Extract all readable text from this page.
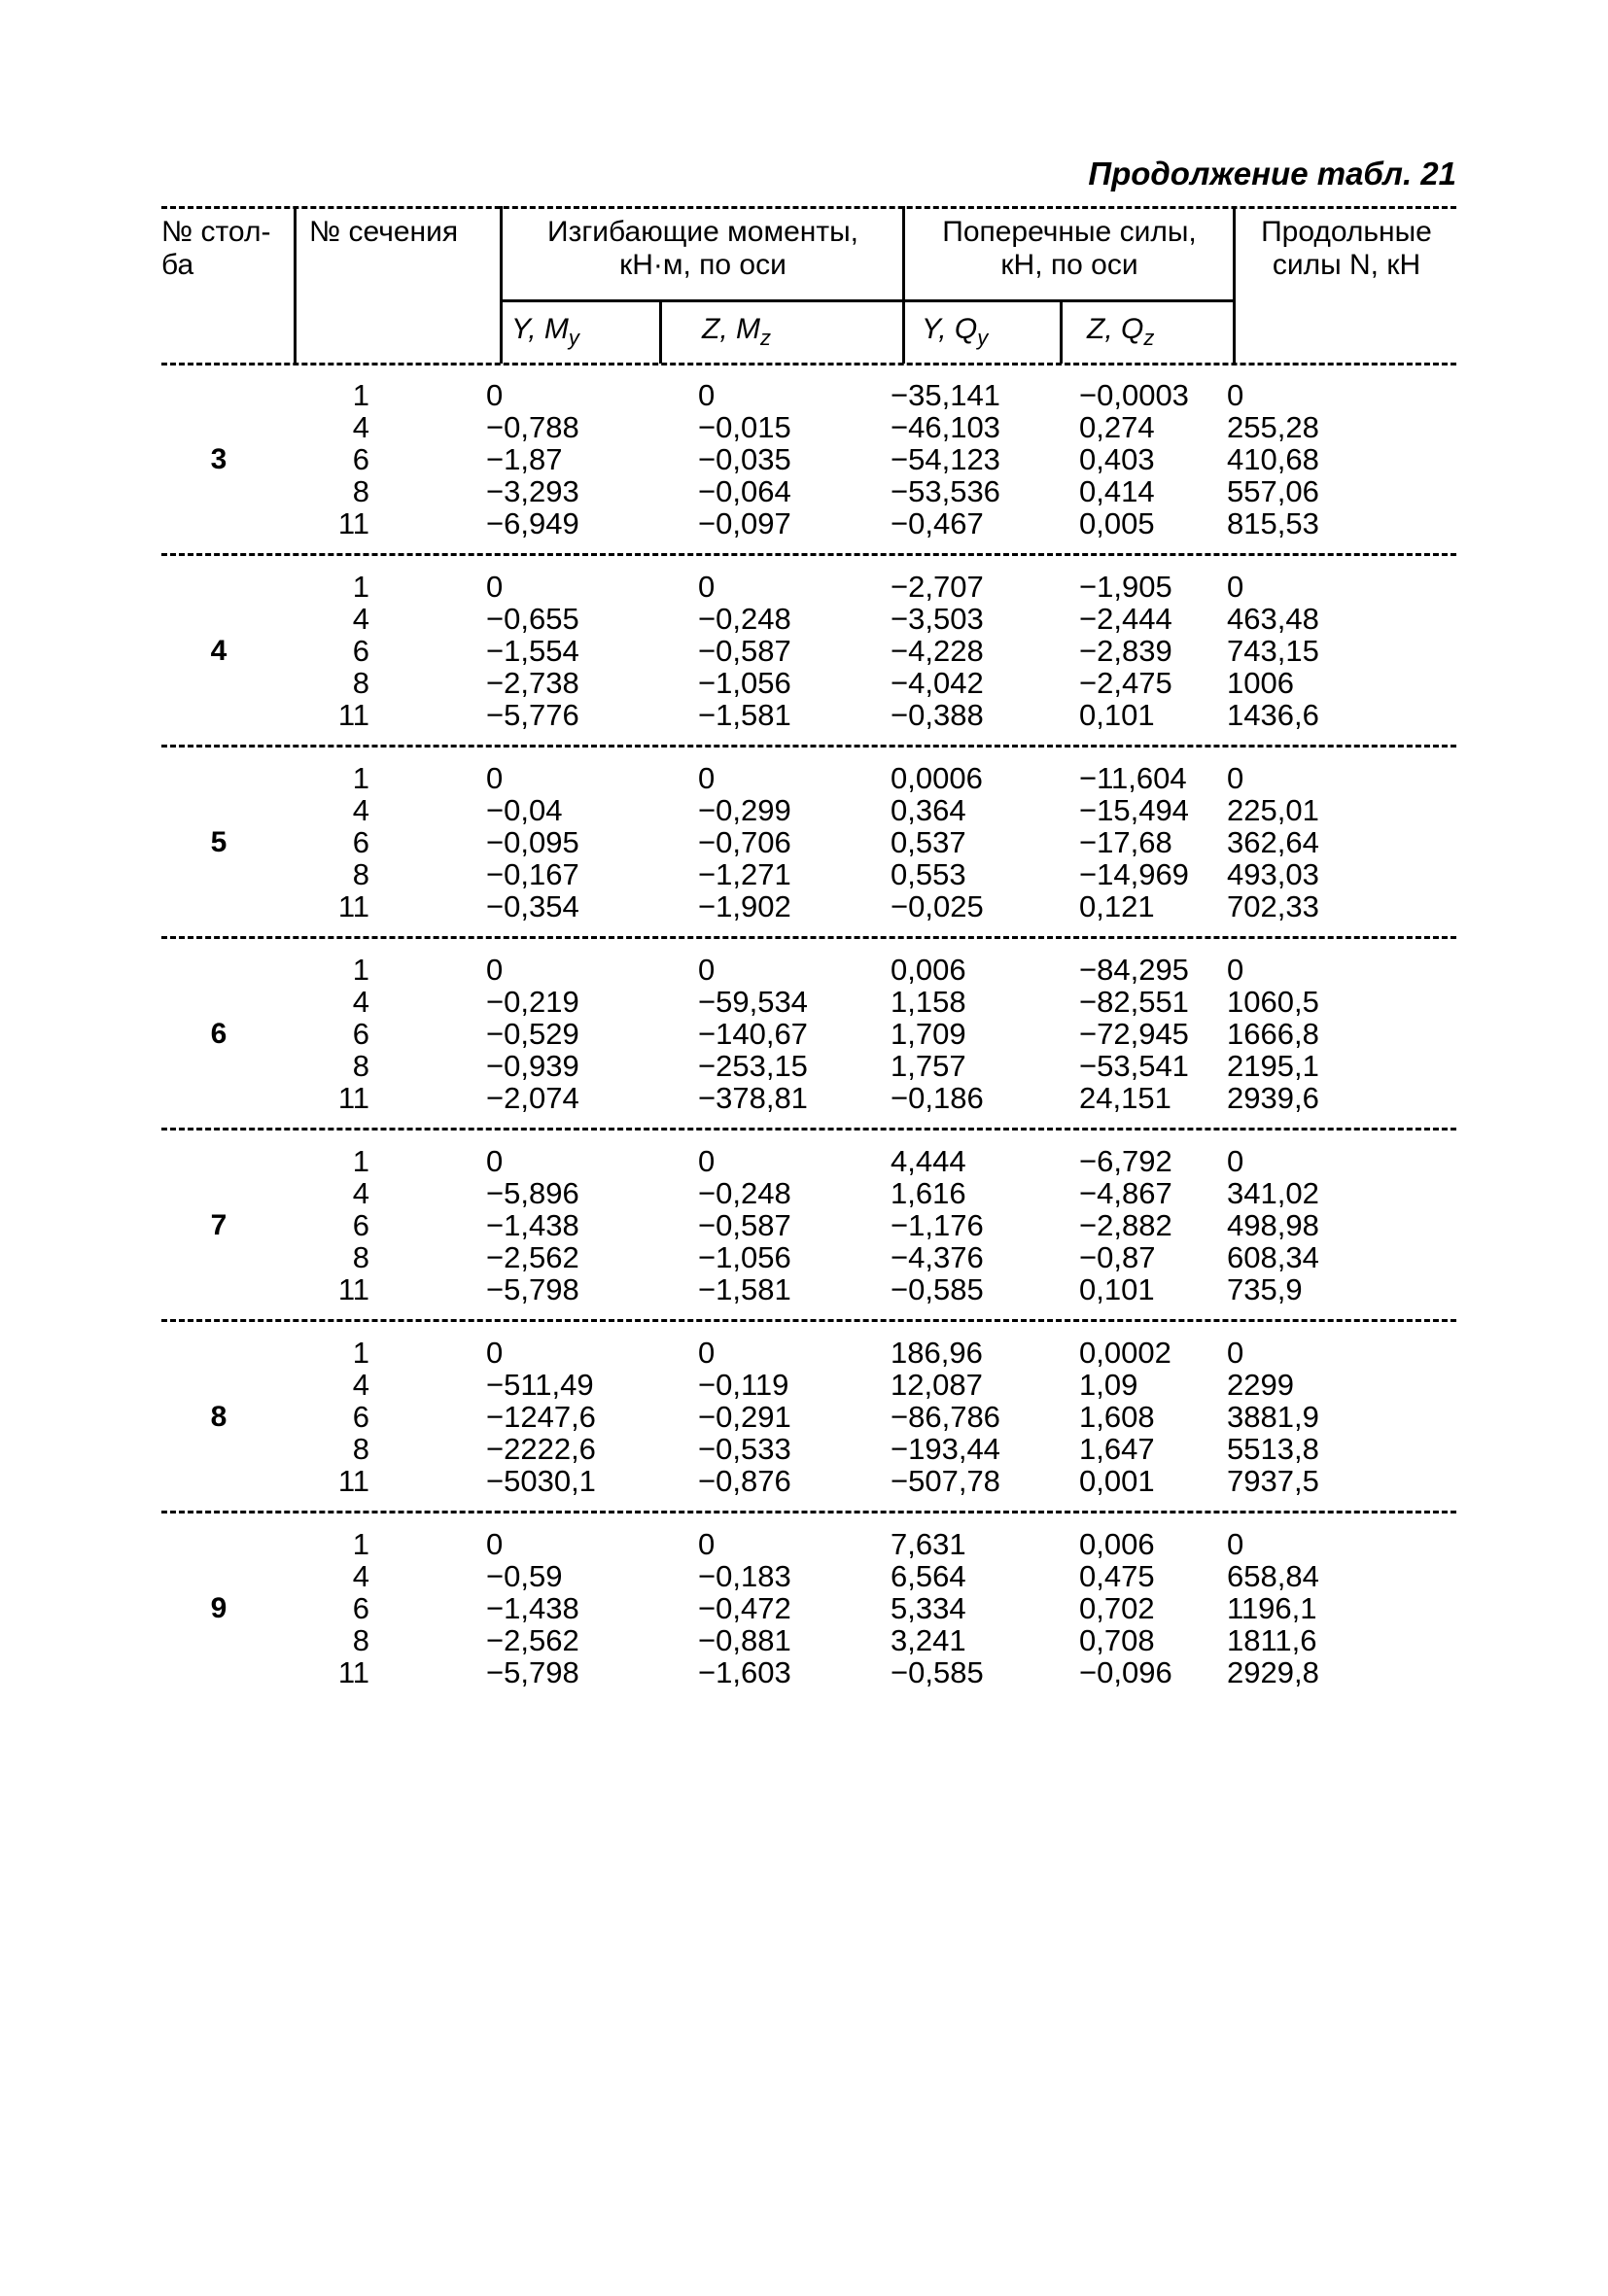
Продолжение табл. 21
№ стол-
ба
№ сечения	Изгибающие моменты,
кН·м, по оси
Поперечные силы,
кН, по оси
Продольные
силы N, кН
Y, $M_y$	Z, $M_z$	Y, $Q_y$	Z, $Q_z$
3
1	0	0	−35,141	−0,0003 0
4	−0,788	−0,015	−46,103	0,274 255,28
6	−1,87	−0,035	−54,123	0,403 410,68
8	−3,293	−0,064	−53,536	0,414 557,06
11	−6,949	−0,097	−0,467	0,005 815,53
4
1	0	0	−2,707	−1,905 0
4	−0,655	−0,248	−3,503	−2,444 463,48
6	−1,554	−0,587	−4,228	−2,839 743,15
8	−2,738	−1,056	−4,042	−2,475 1006
11	−5,776	−1,581	−0,388	0,101 1436,6
5
1	0	0	0,0006	−11,604 0
4	−0,04	−0,299	0,364	−15,494 225,01
6	−0,095	−0,706	0,537	−17,68 362,64
8	−0,167	−1,271	0,553	−14,969 493,03
11	−0,354	−1,902	−0,025	0,121 702,33
6
1	0	0	0,006	−84,295 0
4	−0,219	−59,534	1,158	−82,551 1060,5
6	−0,529	−140,67	1,709	−72,945 1666,8
8	−0,939	−253,15	1,757	−53,541 2195,1
11	−2,074	−378,81	−0,186	24,151 2939,6
7
1	0	0	4,444	−6,792 0
4	−5,896	−0,248	1,616	−4,867 341,02
6	−1,438	−0,587	−1,176	−2,882 498,98
8	−2,562	−1,056	−4,376	−0,87 608,34
11	−5,798	−1,581	−0,585	0,101 735,9
8
1	0	0	186,96	0,0002 0
4	−511,49	−0,119	12,087	1,09	2299
6	−1247,6	−0,291	−86,786	1,608 3881,9
8	−2222,6	−0,533	−193,44	1,647 5513,8
11	−5030,1	−0,876	−507,78	0,001 7937,5
9
1	0	0	7,631	0,006 0
4	−0,59	−0,183	6,564	0,475 658,84
6	−1,438	−0,472	5,334	0,702 1196,1
8	−2,562	−0,881	3,241	0,708 1811,6
11	−5,798	−1,603	−0,585	−0,096 2929,8
